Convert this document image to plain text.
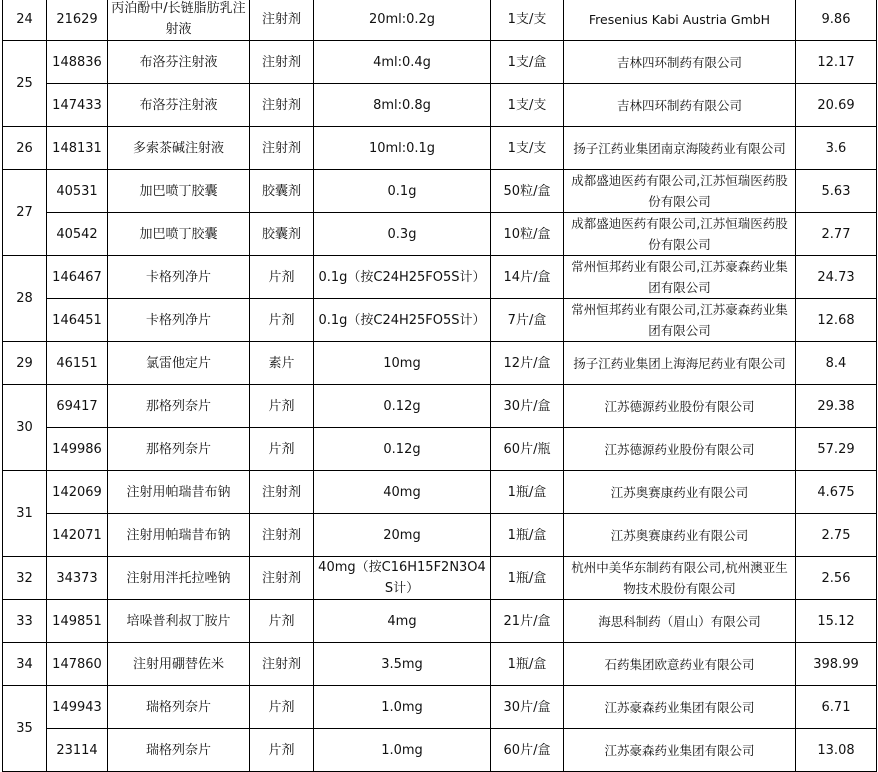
24	21629	丙泊酚中/长链脂肪乳注射液	注射剂	20ml:0.2g	1支/支	Fresenius Kabi Austria GmbH	9.86
25	148836	布洛芬注射液	注射剂	4ml:0.4g	1支/盒	吉林四环制药有限公司	12.17
	147433	布洛芬注射液	注射剂	8ml:0.8g	1支/支	吉林四环制药有限公司	20.69
26	148131	多索茶碱注射液	注射剂	10ml:0.1g	1支/支	扬子江药业集团南京海陵药业有限公司	3.6
27	40531	加巴喷丁胶囊	胶囊剂	0.1g	50粒/盒	成都盛迪医药有限公司,江苏恒瑞医药股份有限公司	5.63
	40542	加巴喷丁胶囊	胶囊剂	0.3g	10粒/盒	成都盛迪医药有限公司,江苏恒瑞医药股份有限公司	2.77
28	146467	卡格列净片	片剂	0.1g（按C24H25FO5S计）	14片/盒	常州恒邦药业有限公司,江苏豪森药业集团有限公司	24.73
	146451	卡格列净片	片剂	0.1g（按C24H25FO5S计）	7片/盒	常州恒邦药业有限公司,江苏豪森药业集团有限公司	12.68
29	46151	氯雷他定片	素片	10mg	12片/盒	扬子江药业集团上海海尼药业有限公司	8.4
30	69417	那格列奈片	片剂	0.12g	30片/盒	江苏德源药业股份有限公司	29.38
	149986	那格列奈片	片剂	0.12g	60片/瓶	江苏德源药业股份有限公司	57.29
31	142069	注射用帕瑞昔布钠	注射剂	40mg	1瓶/盒	江苏奥赛康药业有限公司	4.675
	142071	注射用帕瑞昔布钠	注射剂	20mg	1瓶/盒	江苏奥赛康药业有限公司	2.75
32	34373	注射用泮托拉唑钠	注射剂	40mg（按C16H15F2N3O4S计）	1瓶/盒	杭州中美华东制药有限公司,杭州澳亚生物技术股份有限公司	2.56
33	149851	培哚普利叔丁胺片	片剂	4mg	21片/盒	海思科制药（眉山）有限公司	15.12
34	147860	注射用硼替佐米	注射剂	3.5mg	1瓶/盒	石药集团欧意药业有限公司	398.99
35	149943	瑞格列奈片	片剂	1.0mg	30片/盒	江苏豪森药业集团有限公司	6.71
	23114	瑞格列奈片	片剂	1.0mg	60片/盒	江苏豪森药业集团有限公司	13.08
